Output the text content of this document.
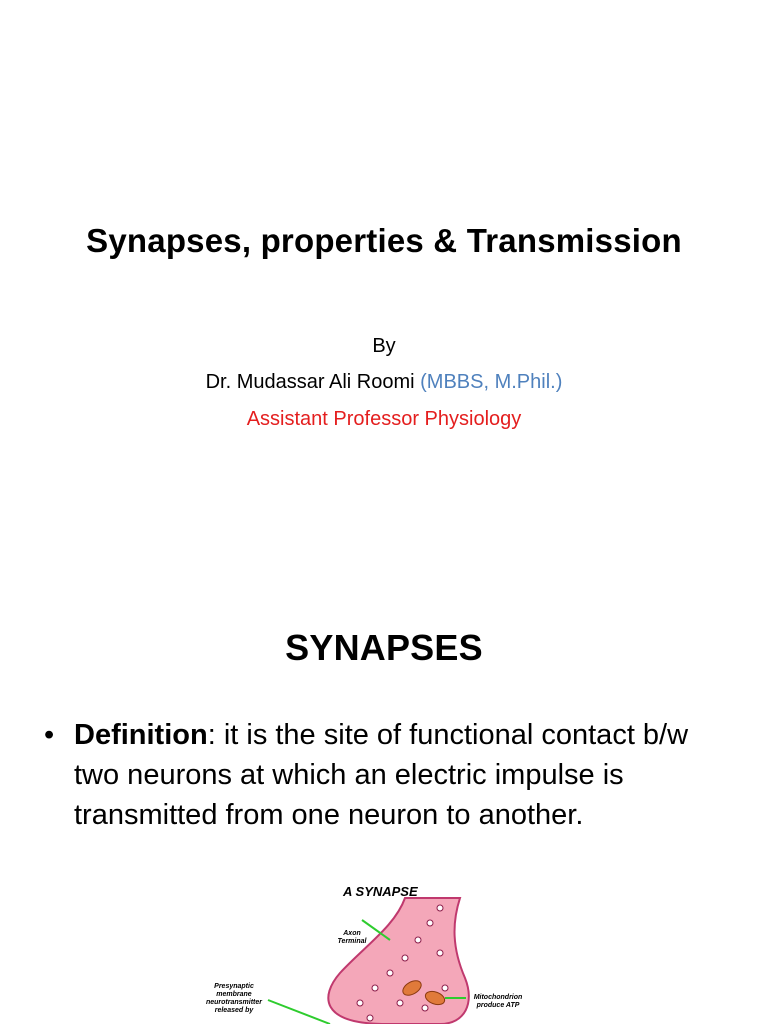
Synapses, properties & Transmission
By
Dr. Mudassar Ali Roomi (MBBS, M.Phil.)
Assistant Professor Physiology
SYNAPSES
• Definition: it is the site of functional contact b/w two neurons at which an electric impulse is transmitted from one neuron to another.
A SYNAPSE
Axon Terminal
Presynaptic membrane neurotransmitter released by
Mitochondrion produce ATP
